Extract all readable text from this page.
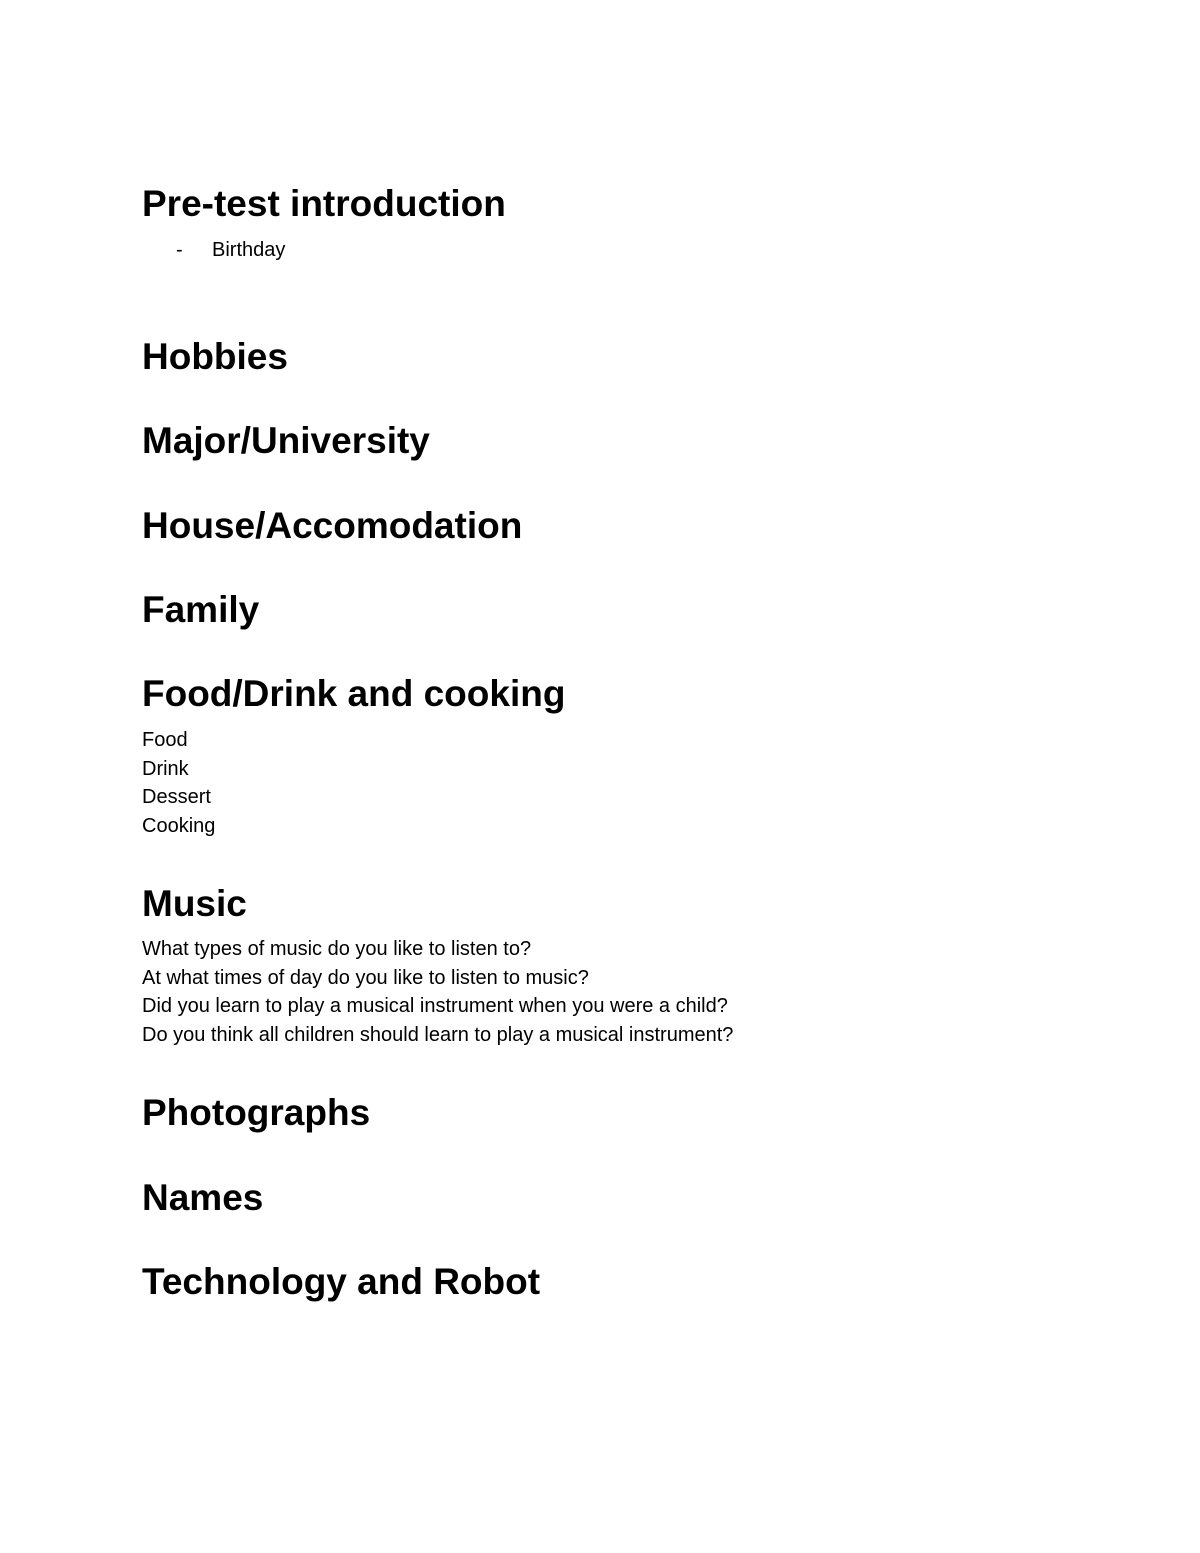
Pre-test introduction
- Birthday
Hobbies
Major/University
House/Accomodation
Family
Food/Drink and cooking
Food
Drink
Dessert
Cooking
Music
What types of music do you like to listen to?
At what times of day do you like to listen to music?
Did you learn to play a musical instrument when you were a child?
Do you think all children should learn to play a musical instrument?
Photographs
Names
Technology and Robot
